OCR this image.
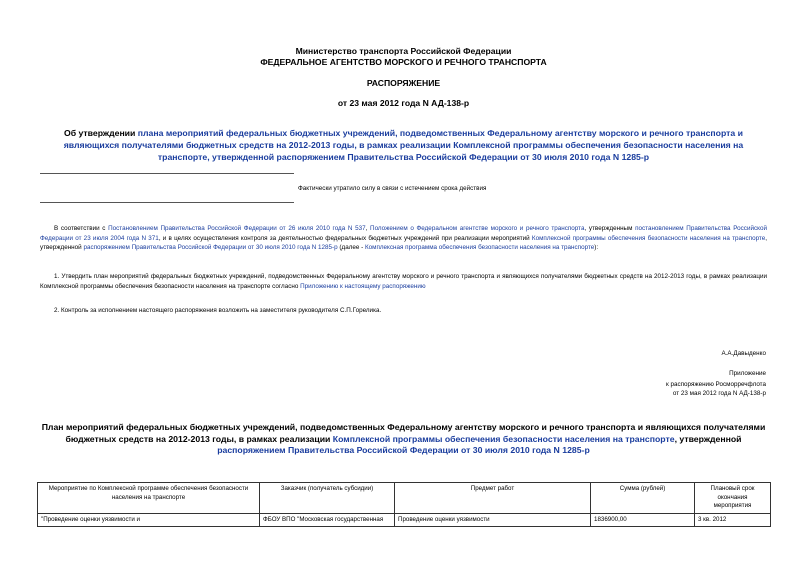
Министерство транспорта Российской Федерации
ФЕДЕРАЛЬНОЕ АГЕНТСТВО МОРСКОГО И РЕЧНОГО ТРАНСПОРТА
РАСПОРЯЖЕНИЕ
от 23 мая 2012 года N АД-138-р
Об утверждении плана мероприятий федеральных бюджетных учреждений, подведомственных Федеральному агентству морского и речного транспорта и являющихся получателями бюджетных средств на 2012-2013 годы, в рамках реализации Комплексной программы обеспечения безопасности населения на транспорте, утвержденной распоряжением Правительства Российской Федерации от 30 июля 2010 года N 1285-р
Фактически утратило силу в связи с истечением срока действия
В соответствии с Постановлением Правительства Российской Федерации от 26 июля 2010 года N 537, Положением о Федеральном агентстве морского и речного транспорта, утвержденным постановлением Правительства Российской Федерации от 23 июля 2004 года N 371, и в целях осуществления контроля за деятельностью федеральных бюджетных учреждений при реализации мероприятий Комплексной программы обеспечения безопасности населения на транспорте, утвержденной распоряжением Правительства Российской Федерации от 30 июля 2010 года N 1285-р (далее - Комплексная программа обеспечения безопасности населения на транспорте):
1. Утвердить план мероприятий федеральных бюджетных учреждений, подведомственных Федеральному агентству морского и речного транспорта и являющихся получателями бюджетных средств на 2012-2013 годы, в рамках реализации Комплексной программы обеспечения безопасности населения на транспорте согласно Приложению к настоящему распоряжению
2. Контроль за исполнением настоящего распоряжения возложить на заместителя руководителя С.П.Горелика.
А.А.Давыденко
Приложение
к распоряжению Росморречфлота
от 23 мая 2012 года N АД-138-р
План мероприятий федеральных бюджетных учреждений, подведомственных Федеральному агентству морского и речного транспорта и являющихся получателями бюджетных средств на 2012-2013 годы, в рамках реализации Комплексной программы обеспечения безопасности населения на транспорте, утвержденной распоряжением Правительства Российской Федерации от 30 июля 2010 года N 1285-р
Мероприятие по Комплексной программе обеспечения безопасности населения на транспорте	Заказчик (получатель субсидии)	Предмет работ	Сумма (рублей)	Плановый срок окончания мероприятия
"Проведение оценки уязвимости и	ФБОУ ВПО "Московская государственная	Проведение оценки уязвимости	1836900,00	3 кв. 2012
